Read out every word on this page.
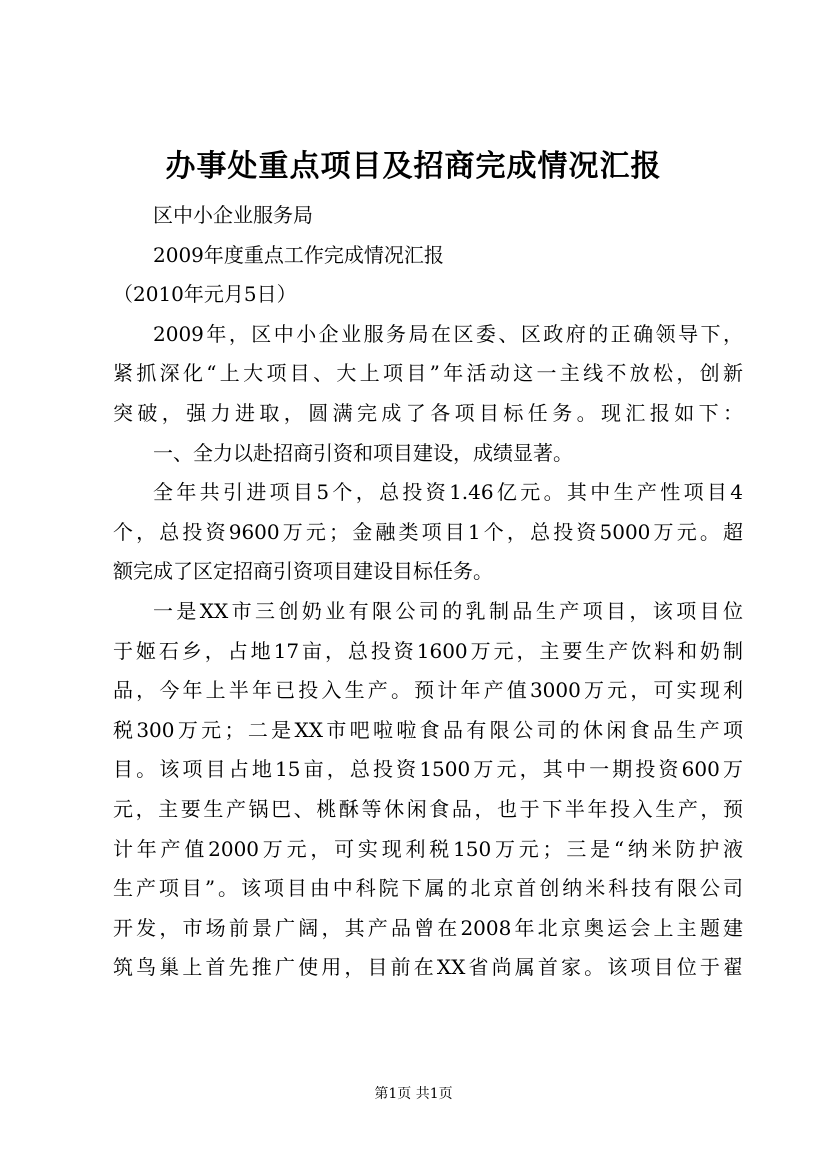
办事处重点项目及招商完成情况汇报
区中小企业服务局
2009年度重点工作完成情况汇报
（2010年元月5日）
2009年，区中小企业服务局在区委、区政府的正确领导下，
紧抓深化“上大项目、大上项目”年活动这一主线不放松，创新
突破，强力进取，圆满完成了各项目标任务。现汇报如下：
一、全力以赴招商引资和项目建设，成绩显著。
全年共引进项目5个，总投资1.46亿元。其中生产性项目4
个，总投资9600万元；金融类项目1个，总投资5000万元。超
额完成了区定招商引资项目建设目标任务。
一是XX市三创奶业有限公司的乳制品生产项目，该项目位
于姬石乡，占地17亩，总投资1600万元，主要生产饮料和奶制
品，今年上半年已投入生产。预计年产值3000万元，可实现利
税300万元；二是XX市吧啦啦食品有限公司的休闲食品生产项
目。该项目占地15亩，总投资1500万元，其中一期投资600万
元，主要生产锅巴、桃酥等休闲食品，也于下半年投入生产，预
计年产值2000万元，可实现利税150万元；三是“纳米防护液
生产项目”。该项目由中科院下属的北京首创纳米科技有限公司
开发，市场前景广阔，其产品曾在2008年北京奥运会上主题建
筑鸟巢上首先推广使用，目前在XX省尚属首家。该项目位于翟
第1页 共1页
